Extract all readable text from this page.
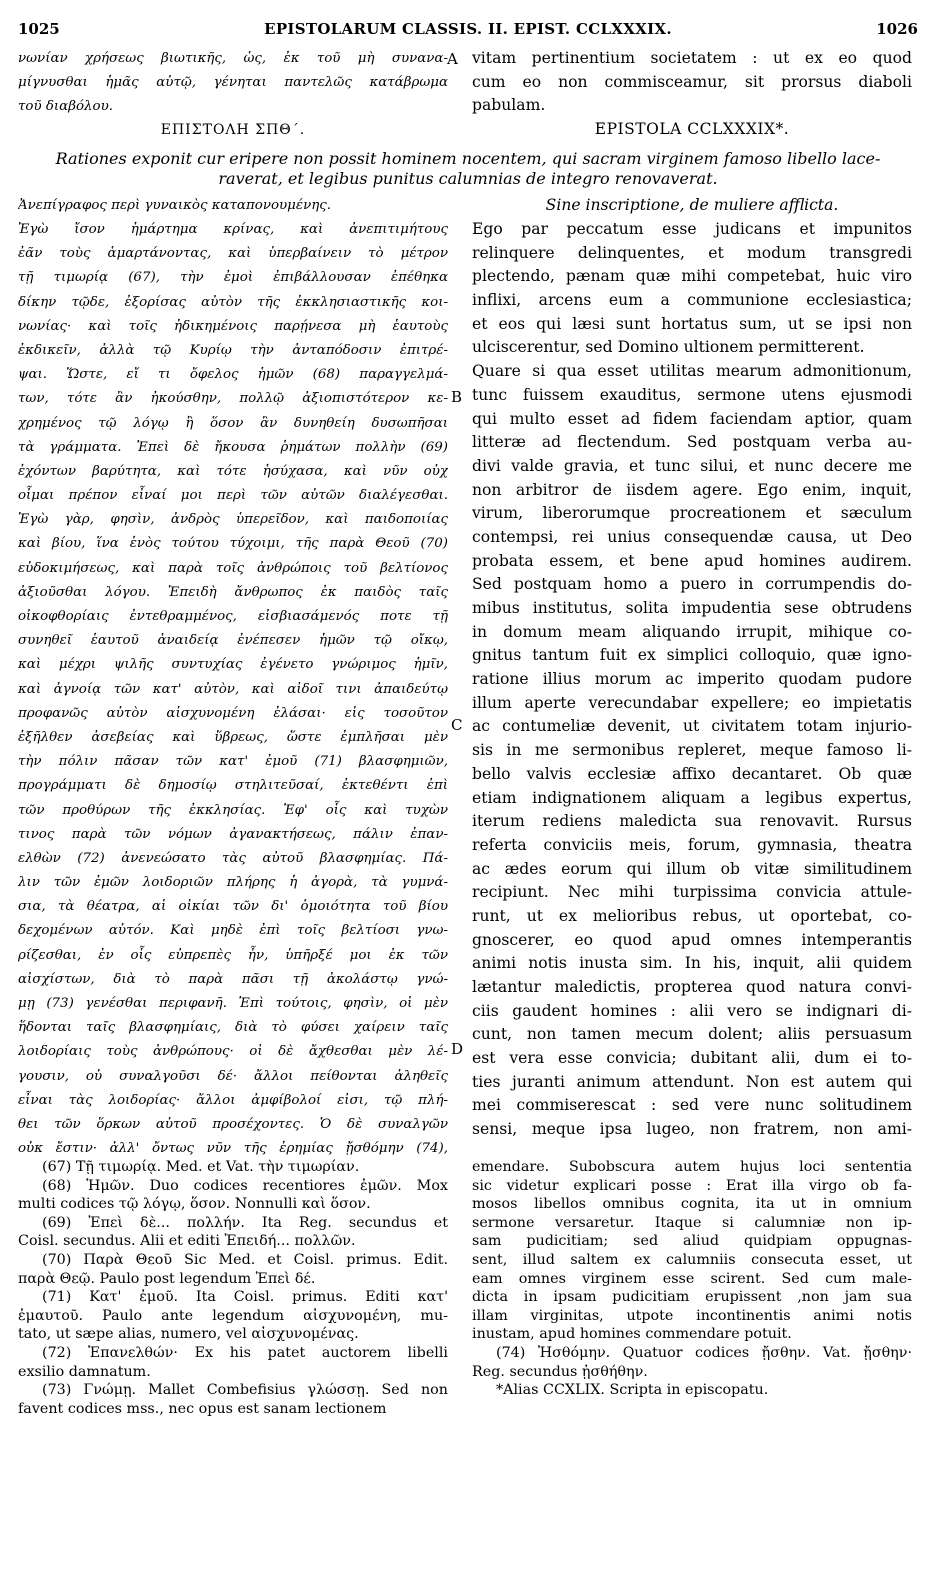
1025	EPISTOLARUM CLASSIS. II. EPIST. CCLXXXIX.	1026
A
B
C
D
νωνίαν χρήσεως βιωτικῆς, ὡς, ἐκ τοῦ μὴ συνανα-
μίγνυσθαι ἡμᾶς αὐτῷ, γένηται παντελῶς κατάβρωμα
τοῦ διαβόλου.
vitam pertinentium societatem : ut ex eo quod
cum eo non commisceamur, sit prorsus diaboli
pabulam.
ΕΠΙΣΤΟΛΗ ΣΠΘ΄.	EPISTOLA CCLXXXIX*.
Rationes exponit cur eripere non possit hominem nocentem, qui sacram virginem famoso libello lace-
raverat, et legibus punitus calumnias de integro renovaverat.
Ἀνεπίγραφος περὶ γυναικὸς καταπονουμένης.	Sine inscriptione, de muliere afflicta.
Ἐγὼ ἴσον ἡμάρτημα κρίνας, καὶ ἀνεπιτιμήτους
ἐᾶν τοὺς ἁμαρτάνοντας, καὶ ὑπερβαίνειν τὸ μέτρον
τῇ τιμωρίᾳ (67), τὴν ἐμοὶ ἐπιβάλλουσαν ἐπέθηκα
δίκην τῷδε, ἐξορίσας αὐτὸν τῆς ἐκκλησιαστικῆς κοι-
νωνίας· καὶ τοῖς ἠδικημένοις παρῄνεσα μὴ ἑαυτοὺς
ἐκδικεῖν, ἀλλὰ τῷ Κυρίῳ τὴν ἀνταπόδοσιν ἐπιτρέ-
ψαι. Ὥστε, εἴ τι ὄφελος ἡμῶν (68) παραγγελμά-
των, τότε ἂν ἠκούσθην, πολλῷ ἀξιοπιστότερον κε-
χρημένος τῷ λόγῳ ἢ ὅσον ἂν δυνηθείη δυσωπῆσαι
τὰ γράμματα. Ἐπεὶ δὲ ἤκουσα ῥημάτων πολλὴν (69)
ἐχόντων βαρύτητα, καὶ τότε ἡσύχασα, καὶ νῦν οὐχ
οἶμαι πρέπον εἶναί μοι περὶ τῶν αὐτῶν διαλέγεσθαι.
Ἐγὼ γὰρ, φησὶν, ἀνδρὸς ὑπερεῖδον, καὶ παιδοποιίας
καὶ βίου, ἵνα ἑνὸς τούτου τύχοιμι, τῆς παρὰ Θεοῦ (70)
εὐδοκιμήσεως, καὶ παρὰ τοῖς ἀνθρώποις τοῦ βελτίονος
ἀξιοῦσθαι λόγου. Ἐπειδὴ ἄνθρωπος ἐκ παιδὸς ταῖς
οἰκοφθορίαις ἐντεθραμμένος, εἰσβιασάμενός ποτε τῇ
συνηθεῖ ἑαυτοῦ ἀναιδείᾳ ἐνέπεσεν ἡμῶν τῷ οἴκῳ,
καὶ μέχρι ψιλῆς συντυχίας ἐγένετο γνώριμος ἡμῖν,
καὶ ἀγνοίᾳ τῶν κατ' αὐτὸν, καὶ αἰδοῖ τινι ἀπαιδεύτῳ
προφανῶς αὐτὸν αἰσχυνομένη ἐλάσαι· εἰς τοσοῦτον
ἐξῆλθεν ἀσεβείας καὶ ὕβρεως, ὥστε ἐμπλῆσαι μὲν
τὴν πόλιν πᾶσαν τῶν κατ' ἐμοῦ (71) βλασφημιῶν,
προγράμματι δὲ δημοσίῳ στηλιτεῦσαί, ἐκτεθέντι ἐπὶ
τῶν προθύρων τῆς ἐκκλησίας. Ἐφ' οἷς καὶ τυχὼν
τινος παρὰ τῶν νόμων ἀγανακτήσεως, πάλιν ἐπαν-
ελθὼν (72) ἀνενεώσατο τὰς αὐτοῦ βλασφημίας. Πά-
λιν τῶν ἐμῶν λοιδοριῶν πλήρης ἡ ἀγορὰ, τὰ γυμνά-
σια, τὰ θέατρα, αἱ οἰκίαι τῶν δι' ὁμοιότητα τοῦ βίου
δεχομένων αὐτόν. Καὶ μηδὲ ἐπὶ τοῖς βελτίοσι γνω-
ρίζεσθαι, ἐν οἷς εὐπρεπὲς ἦν, ὑπῆρξέ μοι ἐκ τῶν
αἰσχίστων, διὰ τὸ παρὰ πᾶσι τῇ ἀκολάστῳ γνώ-
μῃ (73) γενέσθαι περιφανῆ. Ἐπὶ τούτοις, φησὶν, οἱ μὲν
ἥδονται ταῖς βλασφημίαις, διὰ τὸ φύσει χαίρειν ταῖς
λοιδορίαις τοὺς ἀνθρώπους· οἱ δὲ ἄχθεσθαι μὲν λέ-
γουσιν, οὐ συναλγοῦσι δέ· ἄλλοι πείθονται ἀληθεῖς
εἶναι τὰς λοιδορίας· ἄλλοι ἀμφίβολοί εἰσι, τῷ πλή-
θει τῶν ὅρκων αὐτοῦ προσέχοντες. Ὁ δὲ συναλγῶν
οὐκ ἔστιν· ἀλλ' ὄντως νῦν τῆς ἐρημίας ᾔσθόμην (74),
Ego par peccatum esse judicans et impunitos
relinquere delinquentes, et modum transgredi
plectendo, pænam quæ mihi competebat, huic viro
inflixi, arcens eum a communione ecclesiastica;
et eos qui læsi sunt hortatus sum, ut se ipsi non
ulciscerentur, sed Domino ultionem permitterent.
Quare si qua esset utilitas mearum admonitionum,
tunc fuissem exauditus, sermone utens ejusmodi
qui multo esset ad fidem faciendam aptior, quam
litteræ ad flectendum. Sed postquam verba au-
divi valde gravia, et tunc silui, et nunc decere me
non arbitror de iisdem agere. Ego enim, inquit,
virum, liberorumque procreationem et sæculum
contempsi, rei unius consequendæ causa, ut Deo
probata essem, et bene apud homines audirem.
Sed postquam homo a puero in corrumpendis do-
mibus institutus, solita impudentia sese obtrudens
in domum meam aliquando irrupit, mihique co-
gnitus tantum fuit ex simplici colloquio, quæ igno-
ratione illius morum ac imperito quodam pudore
illum aperte verecundabar expellere; eo impietatis
ac contumeliæ devenit, ut civitatem totam injurio-
sis in me sermonibus repleret, meque famoso li-
bello valvis ecclesiæ affixo decantaret. Ob quæ
etiam indignationem aliquam a legibus expertus,
iterum rediens maledicta sua renovavit. Rursus
referta conviciis meis, forum, gymnasia, theatra
ac ædes eorum qui illum ob vitæ similitudinem
recipiunt. Nec mihi turpissima convicia attule-
runt, ut ex melioribus rebus, ut oportebat, co-
gnoscerer, eo quod apud omnes intemperantis
animi notis inusta sim. In his, inquit, alii quidem
lætantur maledictis, propterea quod natura convi-
ciis gaudent homines : alii vero se indignari di-
cunt, non tamen mecum dolent; aliis persuasum
est vera esse convicia; dubitant alii, dum ei to-
ties juranti animum attendunt. Non est autem qui
mei commiserescat : sed vere nunc solitudinem
sensi, meque ipsa lugeo, non fratrem, non ami-
(67) Τῇ τιμωρίᾳ. Med. et Vat. τὴν τιμωρίαν.
(68) Ἡμῶν. Duo codices recentiores ἐμῶν. Mox
multi codices τῷ λόγῳ, ὅσον. Nonnulli καὶ ὅσον.
(69) Ἐπεὶ δὲ... πολλήν. Ita Reg. secundus et
Coisl. secundus. Alii et editi Ἐπειδή... πολλῶν.
(70) Παρὰ Θεοῦ Sic Med. et Coisl. primus. Edit.
παρὰ Θεῷ. Paulo post legendum Ἐπεὶ δέ.
(71) Κατ' ἐμοῦ. Ita Coisl. primus. Editi κατ'
ἐμαυτοῦ. Paulo ante legendum αἰσχυνομένη, mu-
tato, ut sæpe alias, numero, vel αἰσχυνομένας.
(72) Ἐπανελθών· Ex his patet auctorem libelli
exsilio damnatum.
(73) Γνώμῃ. Mallet Combefisius γλώσσῃ. Sed non
favent codices mss., nec opus est sanam lectionem
emendare. Subobscura autem hujus loci sententia
sic videtur explicari posse : Erat illa virgo ob fa-
mosos libellos omnibus cognita, ita ut in omnium
sermone versaretur. Itaque si calumniæ non ip-
sam pudicitiam; sed aliud quidpiam oppugnas-
sent, illud saltem ex calumniis consecuta esset, ut
eam omnes virginem esse scirent. Sed cum male-
dicta in ipsam pudicitiam erupissent ,non jam sua
illam virginitas, utpote incontinentis animi notis
inustam, apud homines commendare potuit.
(74) Ἠσθόμην. Quatuor codices ᾔσθην. Vat. ᾔσθην·
Reg. secundus ᾐσθήθην.
*Alias CCXLIX. Scripta in episcopatu.
